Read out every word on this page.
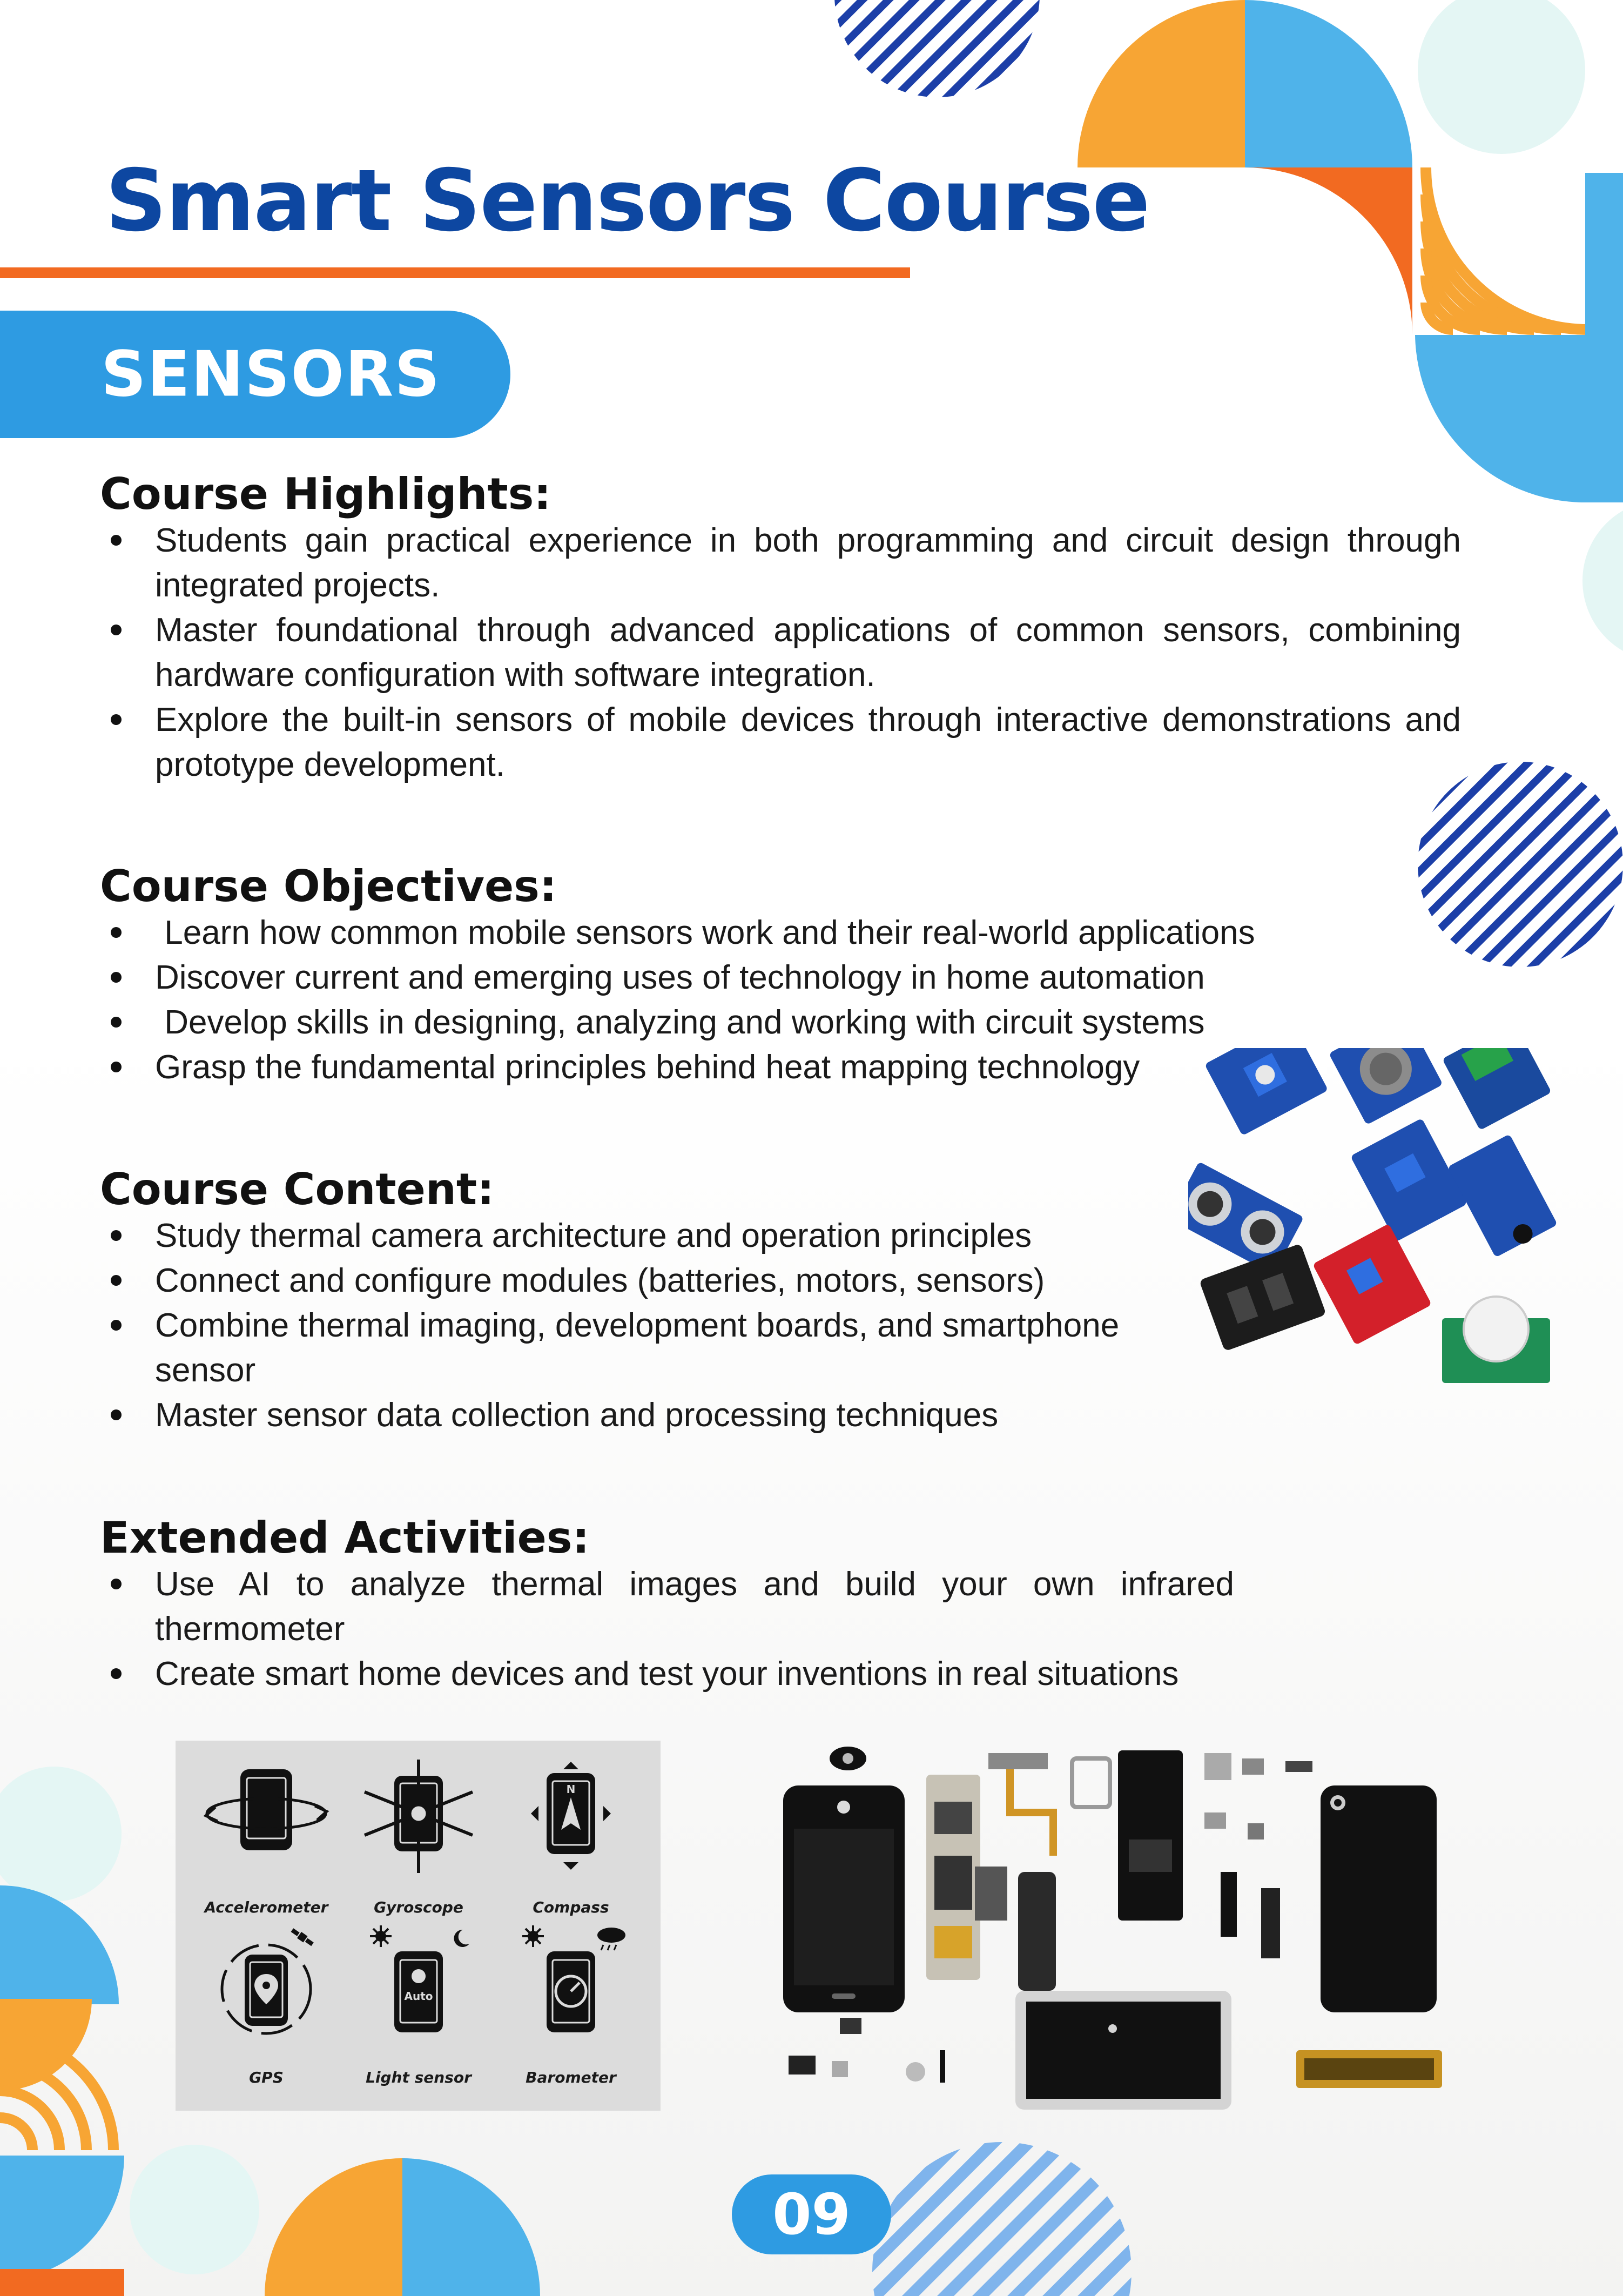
Smart Sensors Course
SENSORS
Course Highlights:
Students gain practical experience in both programming and circuit design through integrated projects.
Master foundational through advanced applications of common sensors, combining hardware configuration with software integration.
Explore the built-in sensors of mobile devices through interactive demonstrations and prototype development.
Course Objectives:
Learn how common mobile sensors work and their real-world applications
Discover current and emerging uses of technology in home automation
Develop skills in designing, analyzing and working with circuit systems
Grasp the fundamental principles behind heat mapping technology
Course Content:
Study thermal camera architecture and operation principles
Connect and configure modules (batteries, motors, sensors)
Combine thermal imaging, development boards, and smartphone sensor
Master sensor data collection and processing techniques
Extended Activities:
Use AI to analyze thermal images and build your own infrared thermometer
Create smart home devices and test your inventions in real situations
Accelerometer	Gyroscope
N
Compass
GPS
Auto
Light sensor	Barometer
09
